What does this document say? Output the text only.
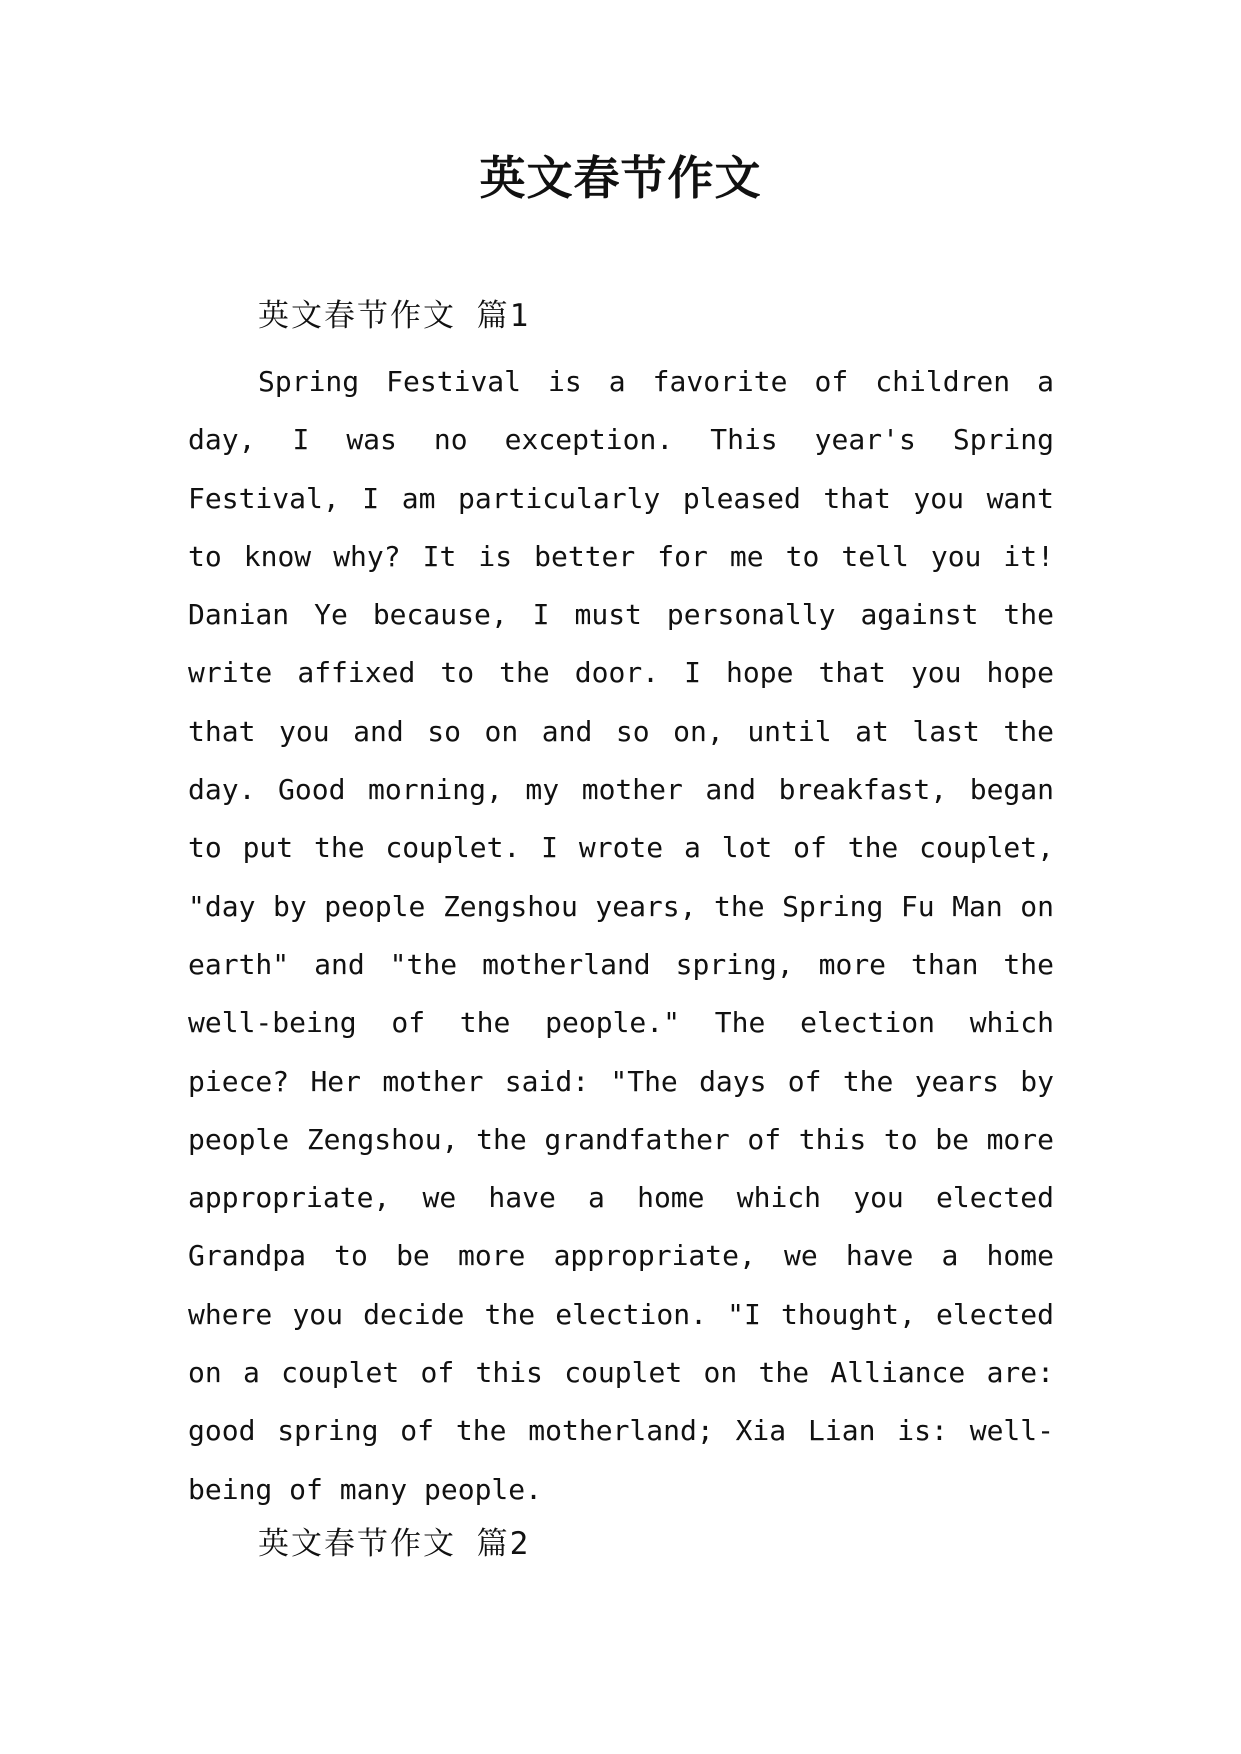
英文春节作文
英文春节作文 篇1

Spring Festival is a favorite of children a day, I was no exception. This year's Spring Festival, I am particularly pleased that you want to know why? It is better for me to tell you it! Danian Ye because, I must personally against the write affixed to the door. I hope that you hope that you and so on and so on, until at last the day. Good morning, my mother and breakfast, began to put the couplet. I wrote a lot of the couplet, "day by people Zengshou years, the Spring Fu Man on earth" and "the motherland spring, more than the well-being of the people." The election which piece? Her mother said: "The days of the years by people Zengshou, the grandfather of this to be more appropriate, we have a home which you elected Grandpa to be more appropriate, we have a home where you decide the election. "I thought, elected on a couplet of this couplet on the Alliance are: good spring of the motherland; Xia Lian is: well-being of many people.

英文春节作文 篇2
